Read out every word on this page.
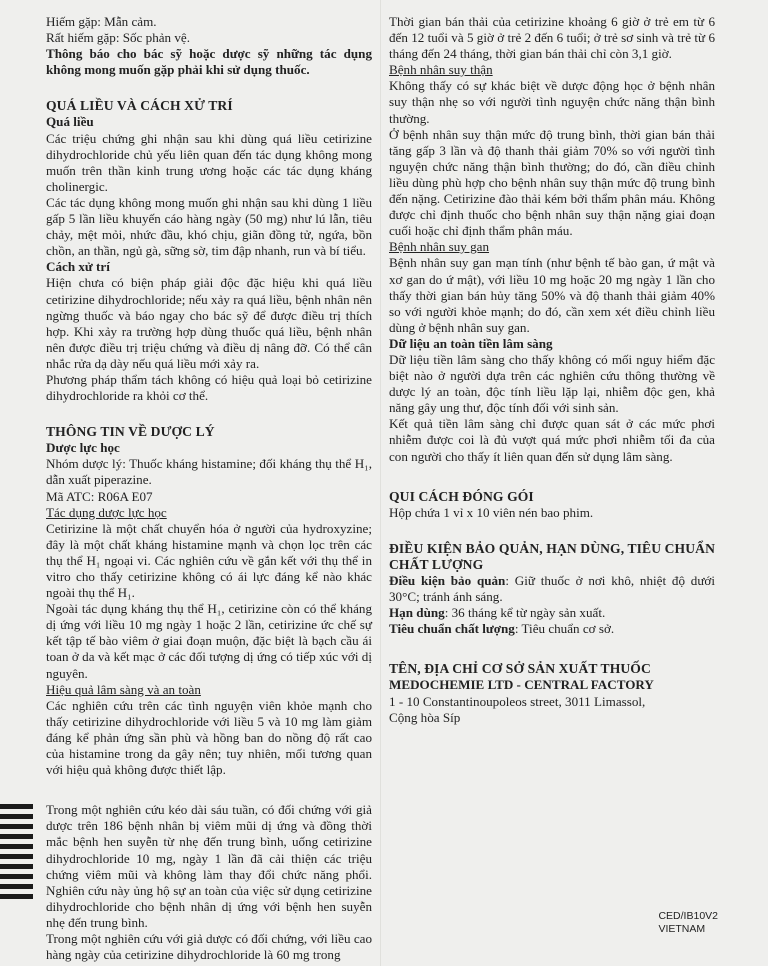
Hiếm gặp: Mẫn cảm.

Rất hiếm gặp: Sốc phản vệ.

Thông báo cho bác sỹ hoặc dược sỹ những tác dụng không mong muốn gặp phải khi sử dụng thuốc.

QUÁ LIỀU VÀ CÁCH XỬ TRÍ

Quá liều

Các triệu chứng ghi nhận sau khi dùng quá liều cetirizine dihydrochloride chủ yếu liên quan đến tác dụng không mong muốn trên thần kinh trung ương hoặc các tác dụng kháng cholinergic.

Các tác dụng không mong muốn ghi nhận sau khi dùng 1 liều gấp 5 lần liều khuyến cáo hàng ngày (50 mg) như lú lẫn, tiêu chảy, mệt mỏi, nhức đầu, khó chịu, giãn đồng tử, ngứa, bồn chồn, an thần, ngủ gà, sững sờ, tim đập nhanh, run và bí tiểu.

Cách xử trí

Hiện chưa có biện pháp giải độc đặc hiệu khi quá liều cetirizine dihydrochloride; nếu xảy ra quá liều, bệnh nhân nên ngừng thuốc và báo ngay cho bác sỹ để được điều trị thích hợp. Khi xảy ra trường hợp dùng thuốc quá liều, bệnh nhân nên được điều trị triệu chứng và điều dị nâng đỡ. Có thể cân nhắc rửa dạ dày nếu quá liều mới xảy ra.

Phương pháp thẩm tách không có hiệu quả loại bỏ cetirizine dihydrochloride ra khỏi cơ thể.

THÔNG TIN VỀ DƯỢC LÝ

Dược lực học

Nhóm dược lý: Thuốc kháng histamine; đối kháng thụ thể H₁, dẫn xuất piperazine.

Mã ATC: R06A E07

Tác dụng dược lực học

Cetirizine là một chất chuyển hóa ở người của hydroxyzine; đây là một chất kháng histamine mạnh và chọn lọc trên các thụ thể H₁ ngoại vi. Các nghiên cứu về gắn kết với thụ thể in vitro cho thấy cetirizine không có ái lực đáng kể nào khác ngoài thụ thể H₁.

Ngoài tác dụng kháng thụ thể H₁, cetirizine còn có thể kháng dị ứng với liều 10 mg ngày 1 hoặc 2 lần, cetirizine ức chế sự kết tập tế bào viêm ở giai đoạn muộn, đặc biệt là bạch cầu ái toan ở da và kết mạc ở các đối tượng dị ứng có tiếp xúc với dị nguyên.

Hiệu quả lâm sàng và an toàn

Các nghiên cứu trên các tình nguyện viên khỏe mạnh cho thấy cetirizine dihydrochloride với liều 5 và 10 mg làm giảm đáng kể phản ứng sần phù và hồng ban do nồng độ rất cao của histamine trong da gây nên; tuy nhiên, mối tương quan với hiệu quả không được thiết lập.

Trong một nghiên cứu kéo dài sáu tuần, có đối chứng với giả dược trên 186 bệnh nhân bị viêm mũi dị ứng và đồng thời mắc bệnh hen suyễn từ nhẹ đến trung bình, uống cetirizine dihydrochloride 10 mg, ngày 1 lần đã cải thiện các triệu chứng viêm mũi và không làm thay đổi chức năng phổi. Nghiên cứu này ủng hộ sự an toàn của việc sử dụng cetirizine dihydrochloride cho bệnh nhân dị ứng với bệnh hen suyễn nhẹ đến trung bình.

Trong một nghiên cứu với giả dược có đối chứng, với liều cao hàng ngày của cetirizine dihydrochloride là 60 mg trong

Thời gian bán thải của cetirizine khoảng 6 giờ ở trẻ em từ 6 đến 12 tuổi và 5 giờ ở trẻ 2 đến 6 tuổi; ở trẻ sơ sinh và trẻ từ 6 tháng đến 24 tháng, thời gian bán thải chỉ còn 3,1 giờ.

Bệnh nhân suy thận

Không thấy có sự khác biệt về dược động học ở bệnh nhân suy thận nhẹ so với người tình nguyện chức năng thận bình thường.

Ở bệnh nhân suy thận mức độ trung bình, thời gian bán thải tăng gấp 3 lần và độ thanh thải giảm 70% so với người tình nguyện chức năng thận bình thường; do đó, cần điều chỉnh liều dùng phù hợp cho bệnh nhân suy thận mức độ trung bình đến nặng. Cetirizine đào thải kém bởi thẩm phân máu. Không được chỉ định thuốc cho bệnh nhân suy thận nặng giai đoạn cuối hoặc chỉ định thẩm phân máu.

Bệnh nhân suy gan

Bệnh nhân suy gan mạn tính (như bệnh tế bào gan, ứ mật và xơ gan do ứ mật), với liều 10 mg hoặc 20 mg ngày 1 lần cho thấy thời gian bán hủy tăng 50% và độ thanh thải giảm 40% so với người khỏe mạnh; do đó, cần xem xét điều chỉnh liều dùng ở bệnh nhân suy gan.

Dữ liệu an toàn tiền lâm sàng

Dữ liệu tiền lâm sàng cho thấy không có mối nguy hiểm đặc biệt nào ở người dựa trên các nghiên cứu thông thường về dược lý an toàn, độc tính liều lặp lại, nhiễm độc gen, khả năng gây ung thư, độc tính đối với sinh sản.

Kết quả tiền lâm sàng chỉ được quan sát ở các mức phơi nhiễm được coi là đủ vượt quá mức phơi nhiễm tối đa của con người cho thấy ít liên quan đến sử dụng lâm sàng.

QUI CÁCH ĐÓNG GÓI

Hộp chứa 1 vỉ x 10 viên nén bao phim.

ĐIỀU KIỆN BẢO QUẢN, HẠN DÙNG, TIÊU CHUẨN CHẤT LƯỢNG

Điều kiện bảo quản: Giữ thuốc ở nơi khô, nhiệt độ dưới 30°C; tránh ánh sáng.

Hạn dùng: 36 tháng kể từ ngày sản xuất.

Tiêu chuẩn chất lượng: Tiêu chuẩn cơ sở.

TÊN, ĐỊA CHỈ CƠ SỞ SẢN XUẤT THUỐC

MEDOCHEMIE LTD - CENTRAL FACTORY

1 - 10 Constantinoupoleos street, 3011 Limassol,

Cộng hòa Síp

CED/IB10V2
VIETNAM
